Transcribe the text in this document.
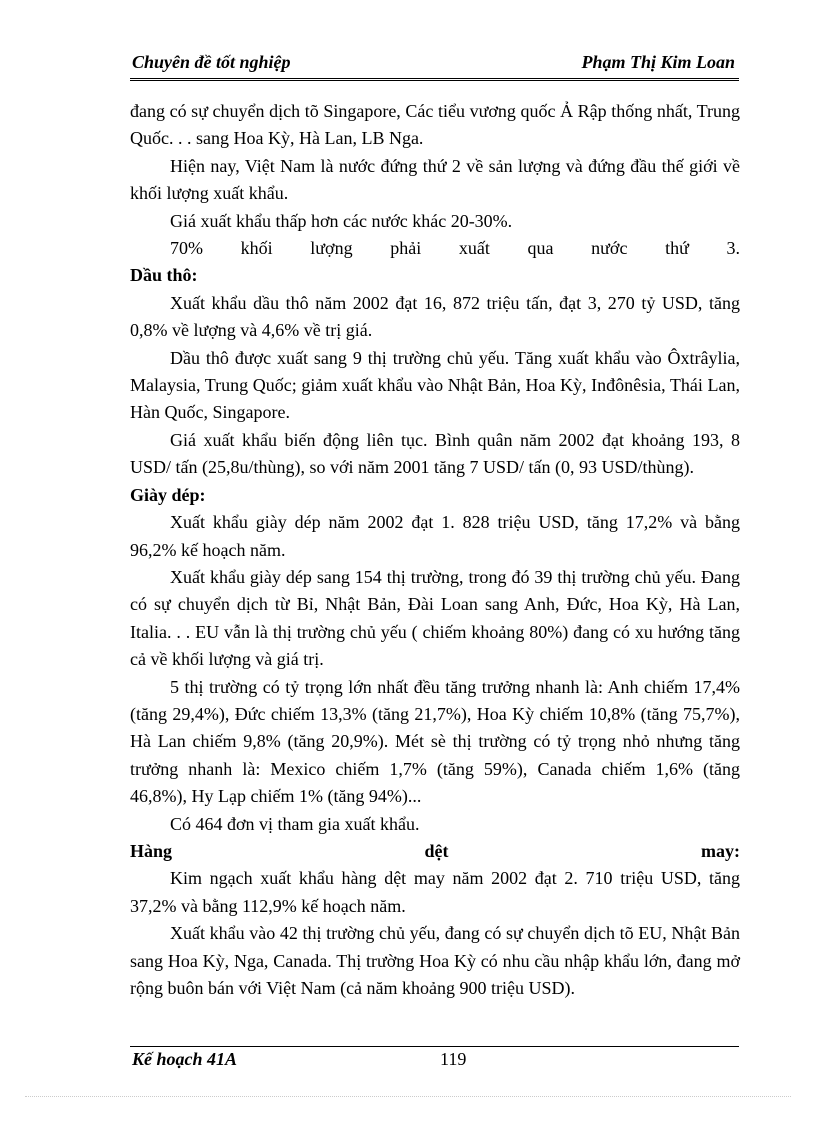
Chuyên đề tốt nghiệp	Phạm Thị Kim Loan

đang có sự chuyển dịch tõ Singapore, Các tiểu vương quốc Ả Rập thống nhất, Trung Quốc. . . sang Hoa Kỳ, Hà Lan, LB Nga.

Hiện nay, Việt Nam là nước đứng thứ 2 về sản lượng và đứng đầu thế giới về khối lượng xuất khẩu.

Giá xuất khẩu thấp hơn các nước khác 20-30%.

70% khối lượng phải xuất qua nước thứ 3.

Dầu thô:

Xuất khẩu dầu thô năm 2002 đạt 16, 872 triệu tấn, đạt 3, 270 tỷ USD, tăng 0,8% về lượng và 4,6% về trị giá.

Dầu thô được xuất sang 9 thị trường chủ yếu. Tăng xuất khẩu vào Ôxtrâylia, Malaysia, Trung Quốc; giảm xuất khẩu vào Nhật Bản, Hoa Kỳ, Inđônêsia, Thái Lan, Hàn Quốc, Singapore.

Giá xuất khẩu biến động liên tục. Bình quân năm 2002 đạt khoảng 193, 8 USD/ tấn (25,8u/thùng), so với năm 2001 tăng 7 USD/ tấn (0, 93 USD/thùng).

Giày dép:

Xuất khẩu giày dép năm 2002 đạt 1. 828 triệu USD, tăng 17,2% và bằng 96,2% kế hoạch năm.

Xuất khẩu giày dép sang 154 thị trường, trong đó 39 thị trường chủ yếu. Đang có sự chuyển dịch từ Bỉ, Nhật Bản, Đài Loan sang Anh, Đức, Hoa Kỳ, Hà Lan, Italia. . . EU vẫn là thị trường chủ yếu ( chiếm khoảng 80%) đang có xu hướng tăng cả về khối lượng và giá trị.

5 thị trường có tỷ trọng lớn nhất đều tăng trưởng nhanh là: Anh chiếm 17,4% (tăng 29,4%), Đức chiếm 13,3% (tăng 21,7%), Hoa Kỳ chiếm 10,8% (tăng 75,7%), Hà Lan chiếm 9,8% (tăng 20,9%). Mét sè thị trường có tỷ trọng nhỏ nhưng tăng trưởng nhanh là: Mexico chiếm 1,7% (tăng 59%), Canada chiếm 1,6% (tăng 46,8%), Hy Lạp chiếm 1% (tăng 94%)...

Có 464 đơn vị tham gia xuất khẩu.

Hàng dệt may:

Kim ngạch xuất khẩu hàng dệt may năm 2002 đạt 2. 710 triệu USD, tăng 37,2% và bằng 112,9% kế hoạch năm.

Xuất khẩu vào 42 thị trường chủ yếu, đang có sự chuyển dịch tõ EU, Nhật Bản sang Hoa Kỳ, Nga, Canada. Thị trường Hoa Kỳ có nhu cầu nhập khẩu lớn, đang mở rộng buôn bán với Việt Nam (cả năm khoảng 900 triệu USD).

Kế hoạch 41A	119
